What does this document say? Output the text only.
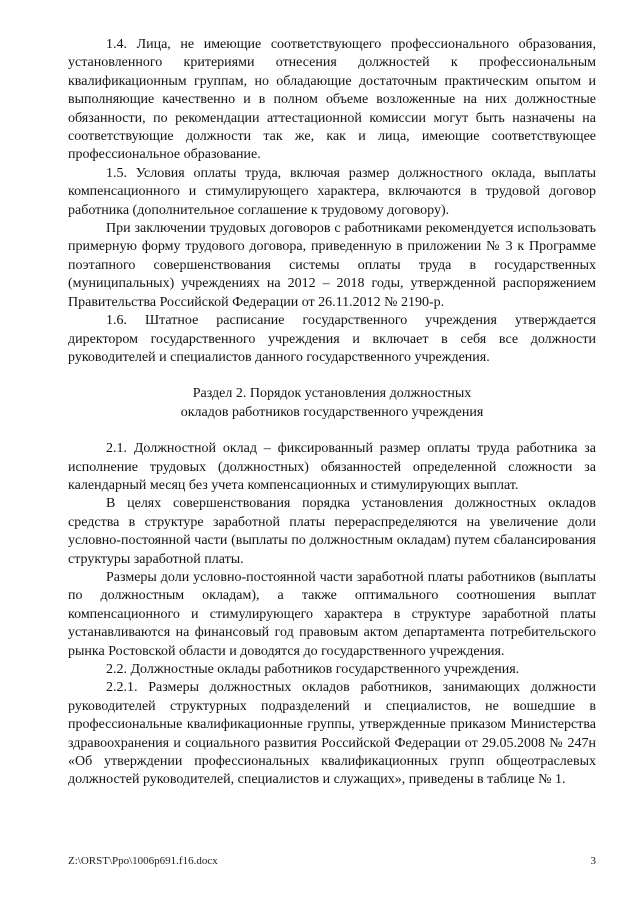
1.4. Лица, не имеющие соответствующего профессионального образования, установленного критериями отнесения должностей к профессиональным квалификационным группам, но обладающие достаточным практическим опытом и выполняющие качественно и в полном объеме возложенные на них должностные обязанности, по рекомендации аттестационной комиссии могут быть назначены на соответствующие должности так же, как и лица, имеющие соответствующее профессиональное образование.

1.5. Условия оплаты труда, включая размер должностного оклада, выплаты компенсационного и стимулирующего характера, включаются в трудовой договор работника (дополнительное соглашение к трудовому договору).

При заключении трудовых договоров с работниками рекомендуется использовать примерную форму трудового договора, приведенную в приложении № 3 к Программе поэтапного совершенствования системы оплаты труда в государственных (муниципальных) учреждениях на 2012 – 2018 годы, утвержденной распоряжением Правительства Российской Федерации от 26.11.2012 № 2190-р.

1.6. Штатное расписание государственного учреждения утверждается директором государственного учреждения и включает в себя все должности руководителей и специалистов данного государственного учреждения.

Раздел 2. Порядок установления должностных
окладов работников государственного учреждения

2.1. Должностной оклад – фиксированный размер оплаты труда работника за исполнение трудовых (должностных) обязанностей определенной сложности за календарный месяц без учета компенсационных и стимулирующих выплат.

В целях совершенствования порядка установления должностных окладов средства в структуре заработной платы перераспределяются на увеличение доли условно-постоянной части (выплаты по должностным окладам) путем сбалансирования структуры заработной платы.

Размеры доли условно-постоянной части заработной платы работников (выплаты по должностным окладам), а также оптимального соотношения выплат компенсационного и стимулирующего характера в структуре заработной платы устанавливаются на финансовый год правовым актом департамента потребительского рынка Ростовской области и доводятся до государственного учреждения.

2.2. Должностные оклады работников государственного учреждения.

2.2.1. Размеры должностных окладов работников, занимающих должности руководителей структурных подразделений и специалистов, не вошедшие в профессиональные квалификационные группы, утвержденные приказом Министерства здравоохранения и социального развития Российской Федерации от 29.05.2008 № 247н «Об утверждении профессиональных квалификационных групп общеотраслевых должностей руководителей, специалистов и служащих», приведены в таблице № 1.

Z:\ORST\Ppo\1006p691.f16.docx	3
